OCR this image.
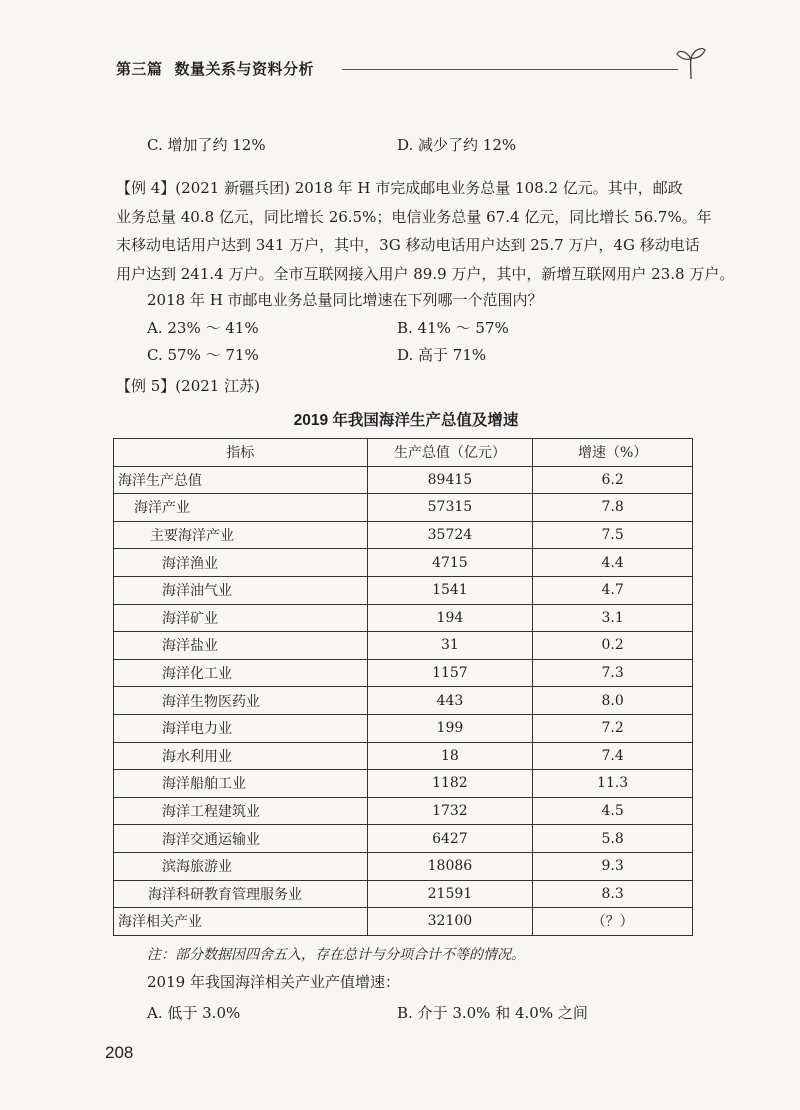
第三篇 数量关系与资料分析
C. 增加了约 12%	D. 减少了约 12%
【例 4】(2021 新疆兵团) 2018 年 H 市完成邮电业务总量 108.2 亿元。其中，邮政
业务总量 40.8 亿元，同比增长 26.5%；电信业务总量 67.4 亿元，同比增长 56.7%。年
末移动电话用户达到 341 万户，其中，3G 移动电话用户达到 25.7 万户，4G 移动电话
用户达到 241.4 万户。全市互联网接入用户 89.9 万户，其中，新增互联网用户 23.8 万户。
2018 年 H 市邮电业务总量同比增速在下列哪一个范围内？
A. 23% ～ 41%	B. 41% ～ 57%
C. 57% ～ 71%	D. 高于 71%
【例 5】(2021 江苏)
2019 年我国海洋生产总值及增速
指标	生产总值（亿元）	增速（%）
海洋生产总值	89415	6.2
海洋产业	57315	7.8
主要海洋产业	35724	7.5
海洋渔业	4715	4.4
海洋油气业	1541	4.7
海洋矿业	194	3.1
海洋盐业	31	0.2
海洋化工业	1157	7.3
海洋生物医药业	443	8.0
海洋电力业	199	7.2
海水利用业	18	7.4
海洋船舶工业	1182	11.3
海洋工程建筑业	1732	4.5
海洋交通运输业	6427	5.8
滨海旅游业	18086	9.3
海洋科研教育管理服务业	21591	8.3
海洋相关产业	32100	（？）
注：部分数据因四舍五入，存在总计与分项合计不等的情况。
2019 年我国海洋相关产业产值增速：
A. 低于 3.0%	B. 介于 3.0% 和 4.0% 之间
208
